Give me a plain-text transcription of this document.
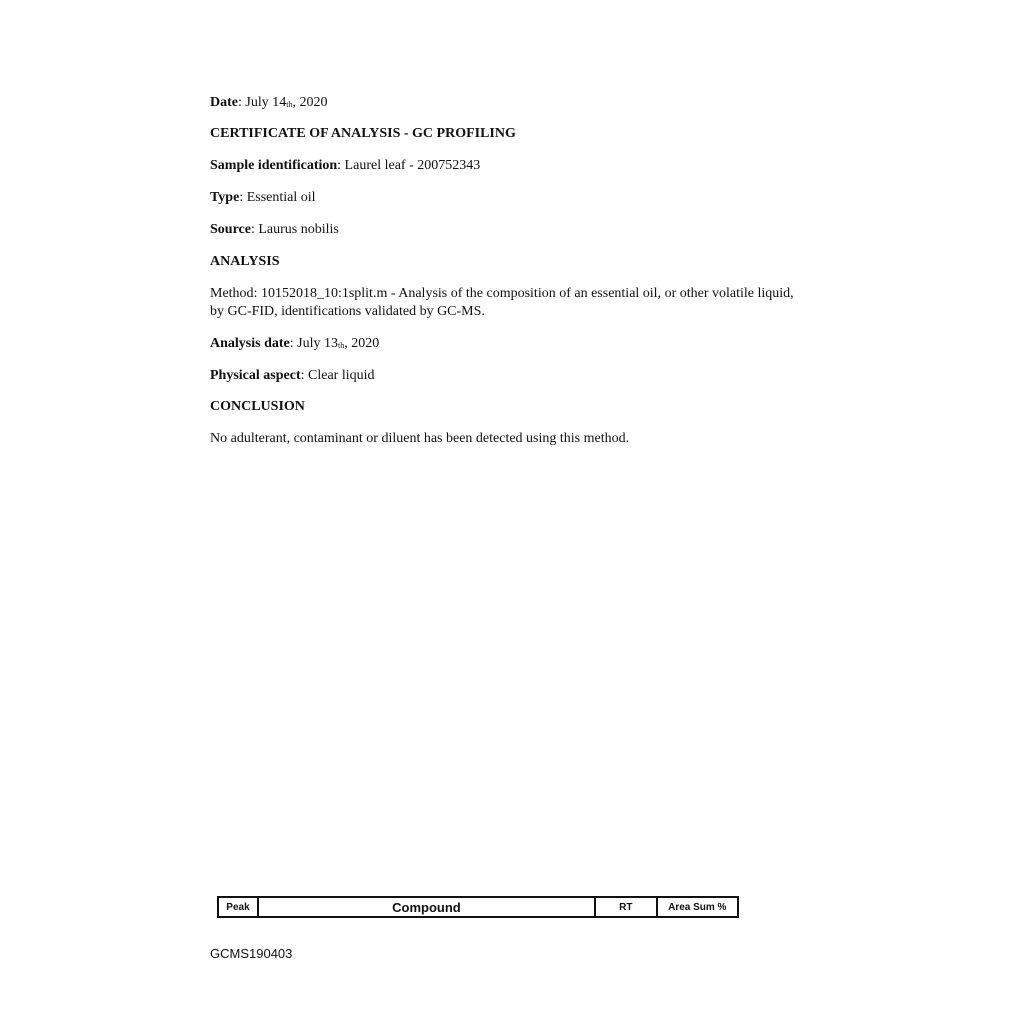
Date: July 14th, 2020
CERTIFICATE OF ANALYSIS - GC PROFILING
Sample identification: Laurel leaf - 200752343
Type: Essential oil
Source: Laurus nobilis
ANALYSIS
Method: 10152018_10:1split.m - Analysis of the composition of an essential oil, or other volatile liquid, by GC-FID, identifications validated by GC-MS.
Analysis date: July 13th, 2020
Physical aspect: Clear liquid
CONCLUSION
No adulterant, contaminant or diluent has been detected using this method.
Peak	Compound	RT	Area Sum %
GCMS190403
